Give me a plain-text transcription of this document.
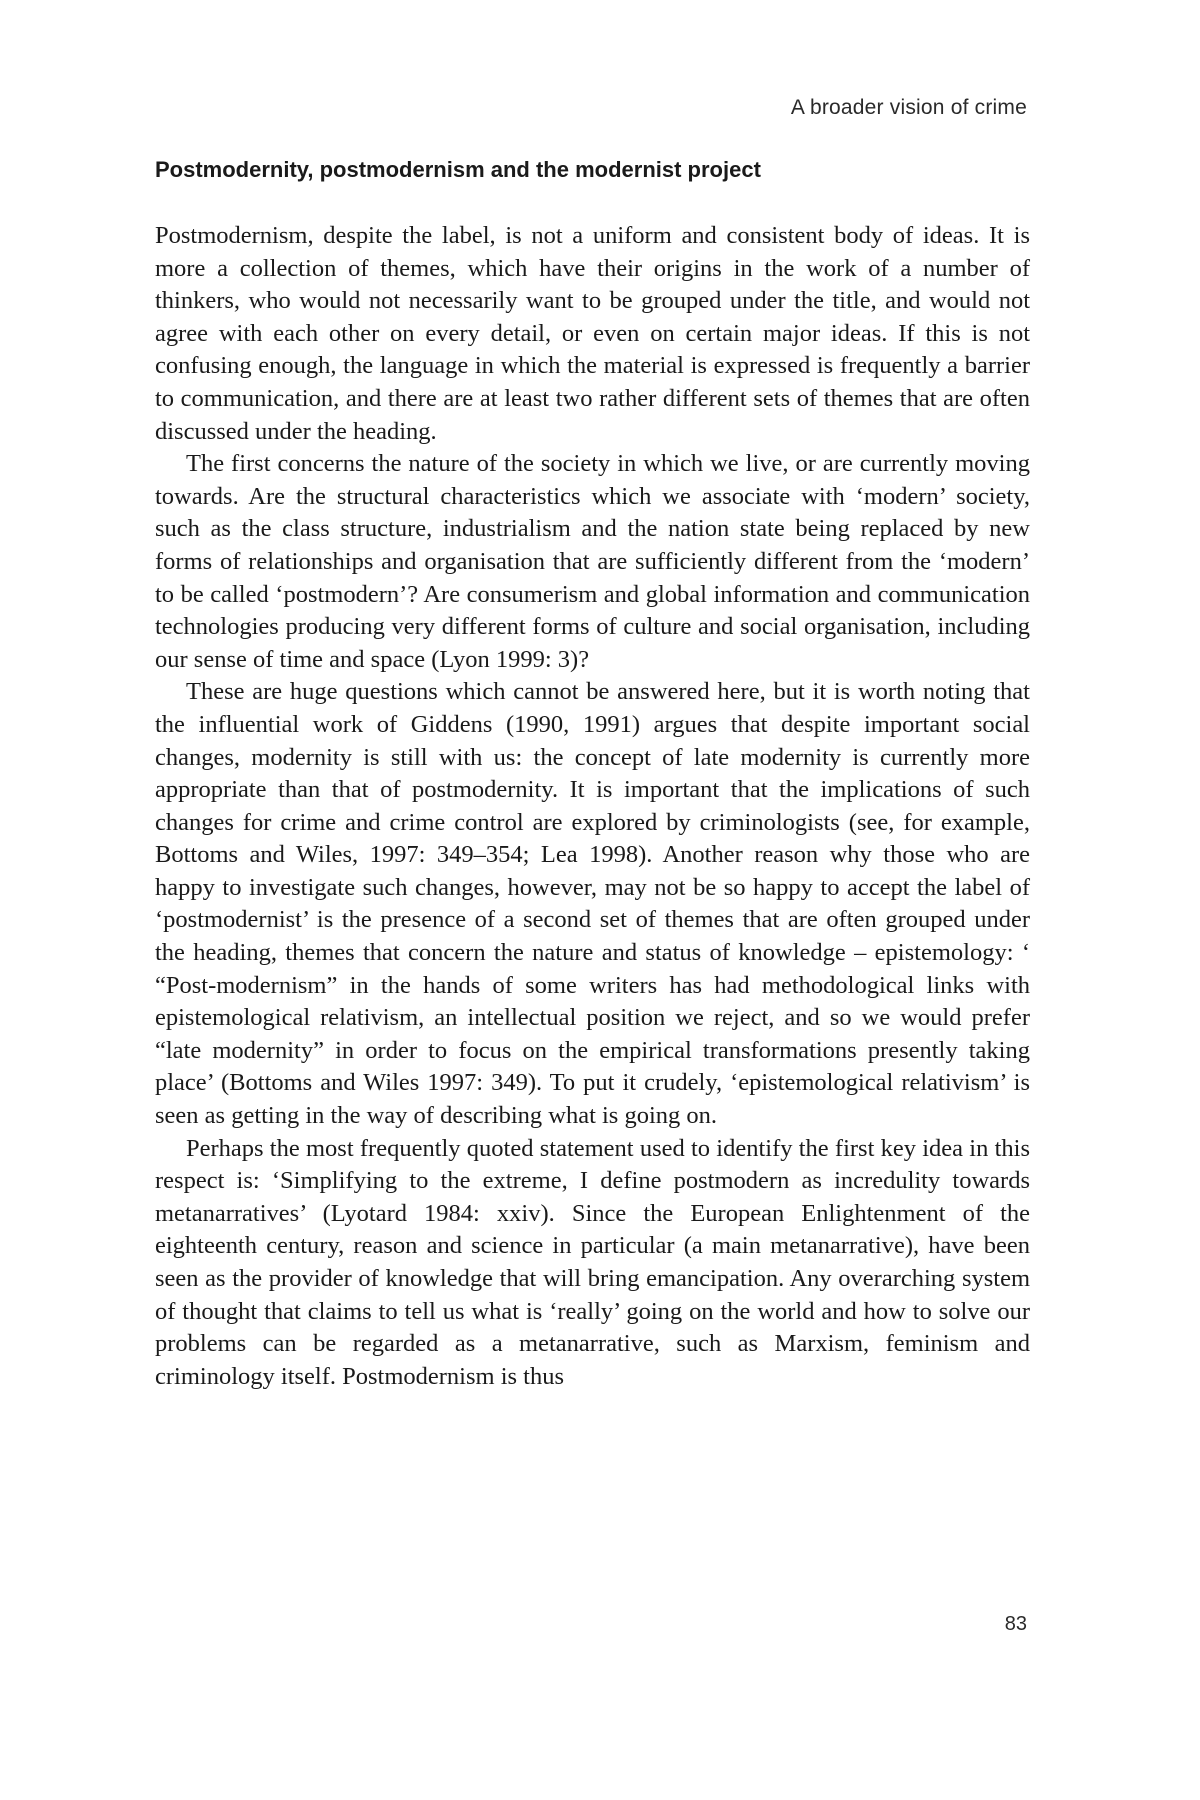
A broader vision of crime
Postmodernity, postmodernism and the modernist project

Postmodernism, despite the label, is not a uniform and consistent body of ideas. It is more a collection of themes, which have their origins in the work of a number of thinkers, who would not necessarily want to be grouped under the title, and would not agree with each other on every detail, or even on certain major ideas. If this is not confusing enough, the language in which the material is expressed is frequently a barrier to communication, and there are at least two rather different sets of themes that are often discussed under the heading.

The first concerns the nature of the society in which we live, or are currently moving towards. Are the structural characteristics which we associate with ‘modern’ society, such as the class structure, industrialism and the nation state being replaced by new forms of relationships and organisation that are sufficiently different from the ‘modern’ to be called ‘postmodern’? Are consumerism and global information and communication technologies producing very different forms of culture and social organisation, including our sense of time and space (Lyon 1999: 3)?

These are huge questions which cannot be answered here, but it is worth noting that the influential work of Giddens (1990, 1991) argues that despite important social changes, modernity is still with us: the concept of late modernity is currently more appropriate than that of postmodernity. It is important that the implications of such changes for crime and crime control are explored by criminologists (see, for example, Bottoms and Wiles, 1997: 349–354; Lea 1998). Another reason why those who are happy to investigate such changes, however, may not be so happy to accept the label of ‘postmodernist’ is the presence of a second set of themes that are often grouped under the heading, themes that concern the nature and status of knowledge – epistemology: ‘ “Post-modernism” in the hands of some writers has had methodological links with epistemological relativism, an intellectual position we reject, and so we would prefer “late modernity” in order to focus on the empirical transformations presently taking place’ (Bottoms and Wiles 1997: 349). To put it crudely, ‘epistemological relativism’ is seen as getting in the way of describing what is going on.

Perhaps the most frequently quoted statement used to identify the first key idea in this respect is: ‘Simplifying to the extreme, I define postmodern as incredulity towards metanarratives’ (Lyotard 1984: xxiv). Since the European Enlightenment of the eighteenth century, reason and science in particular (a main metanarrative), have been seen as the provider of knowledge that will bring emancipation. Any overarching system of thought that claims to tell us what is ‘really’ going on the world and how to solve our problems can be regarded as a metanarrative, such as Marxism, feminism and criminology itself. Postmodernism is thus

83
